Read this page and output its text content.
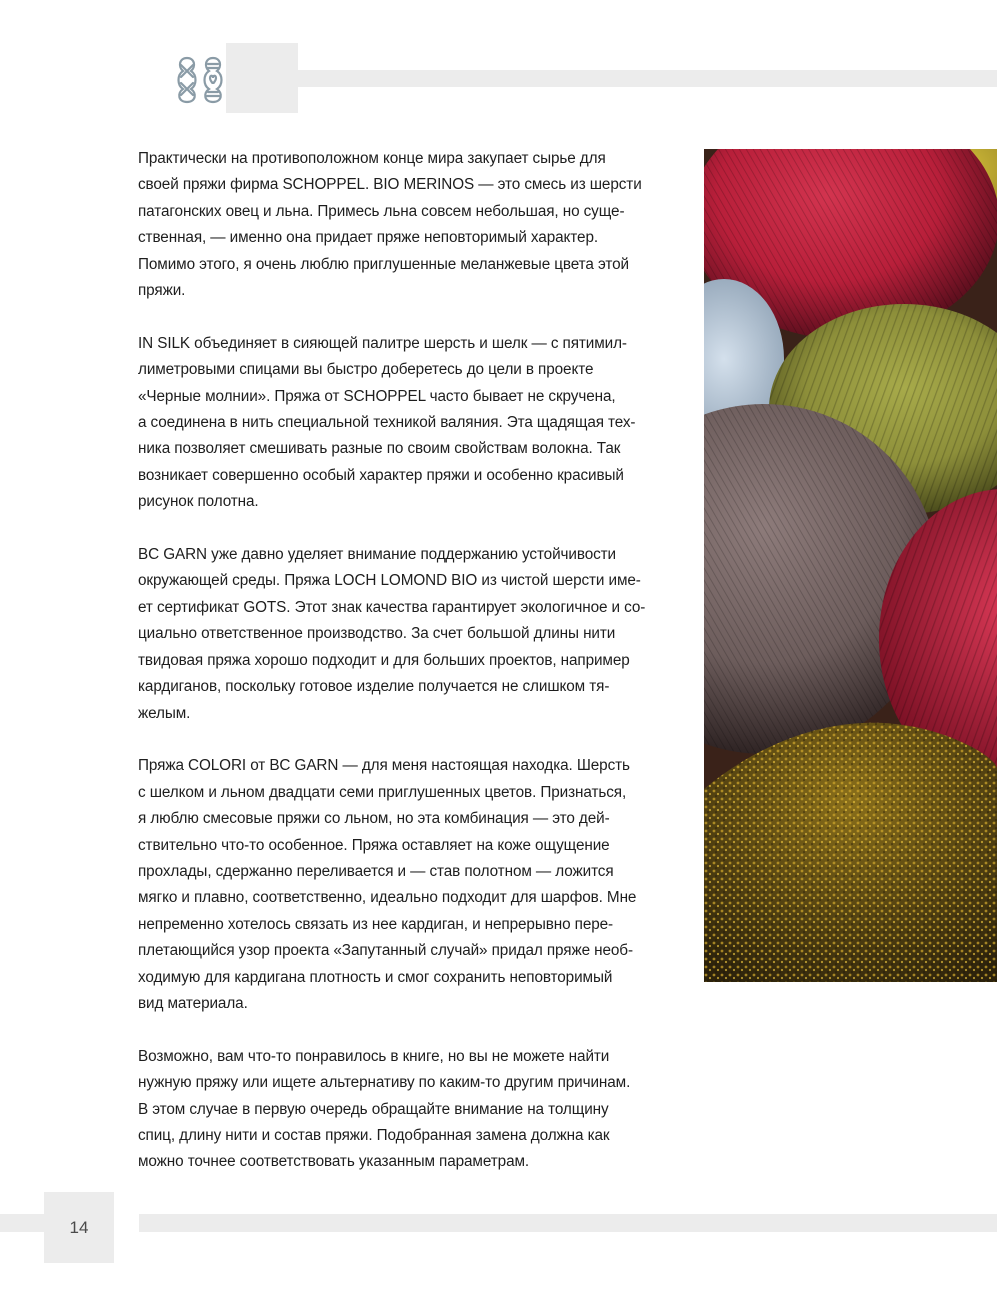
Практически на противоположном конце мира закупает сырье для
своей пряжи фирма SCHOPPEL. BIO MERINOS — это смесь из шерсти
патагонских овец и льна. Примесь льна совсем небольшая, но суще-
ственная, — именно она придает пряже неповторимый характер.
Помимо этого, я очень люблю приглушенные меланжевые цвета этой
пряжи.

IN SILK объединяет в сияющей палитре шерсть и шелк — с пятимил-
лиметровыми спицами вы быстро доберетесь до цели в проекте
«Черные молнии». Пряжа от SCHOPPEL часто бывает не скручена,
а соединена в нить специальной техникой валяния. Эта щадящая тех-
ника позволяет смешивать разные по своим свойствам волокна. Так
возникает совершенно особый характер пряжи и особенно красивый
рисунок полотна.

BC GARN уже давно уделяет внимание поддержанию устойчивости
окружающей среды. Пряжа LOCH LOMOND BIO из чистой шерсти име-
ет сертификат GOTS. Этот знак качества гарантирует экологичное и со-
циально ответственное производство. За счет большой длины нити
твидовая пряжа хорошо подходит и для больших проектов, например
кардиганов, поскольку готовое изделие получается не слишком тя-
желым.

Пряжа COLORI от BC GARN — для меня настоящая находка. Шерсть
с шелком и льном двадцати семи приглушенных цветов. Признаться,
я люблю смесовые пряжи со льном, но эта комбинация — это дей-
ствительно что-то особенное. Пряжа оставляет на коже ощущение
прохлады, сдержанно переливается и — став полотном — ложится
мягко и плавно, соответственно, идеально подходит для шарфов. Мне
непременно хотелось связать из нее кардиган, и непрерывно пере-
плетающийся узор проекта «Запутанный случай» придал пряже необ-
ходимую для кардигана плотность и смог сохранить неповторимый
вид материала.

Возможно, вам что-то понравилось в книге, но вы не можете найти
нужную пряжу или ищете альтернативу по каким-то другим причинам.
В этом случае в первую очередь обращайте внимание на толщину
спиц, длину нити и состав пряжи. Подобранная замена должна как
можно точнее соответствовать указанным параметрам.

14
